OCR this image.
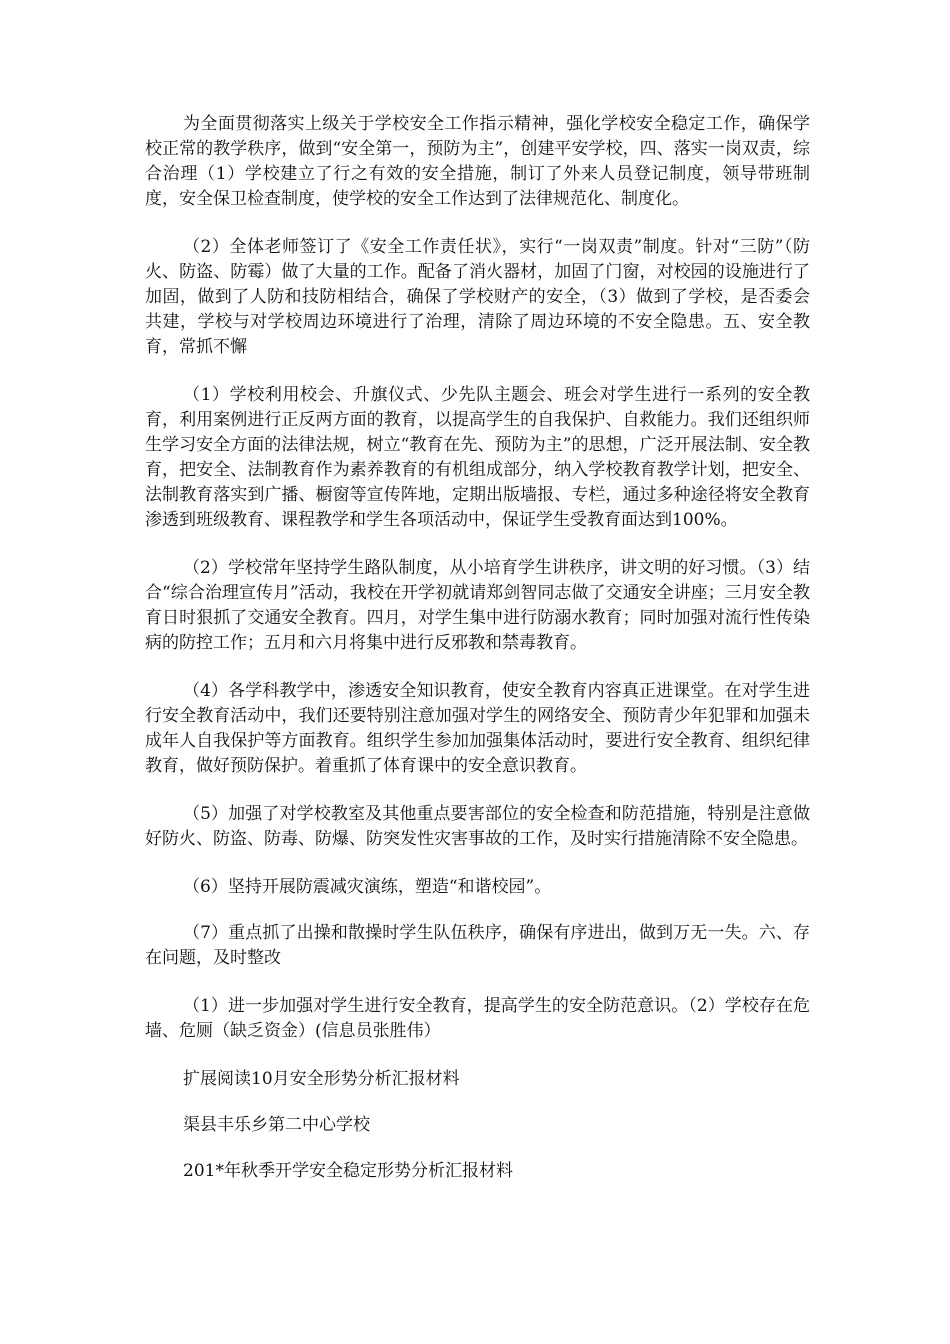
为全面贯彻落实上级关于学校安全工作指示精神，强化学校安全稳定工作，确保学校正常的教学秩序，做到“安全第一，预防为主”，创建平安学校，四、落实一岗双责，综合治理（1）学校建立了行之有效的安全措施，制订了外来人员登记制度，领导带班制度，安全保卫检查制度，使学校的安全工作达到了法律规范化、制度化。

（2）全体老师签订了《安全工作责任状》，实行“一岗双责”制度。针对“三防”（防火、防盗、防霉）做了大量的工作。配备了消火器材，加固了门窗，对校园的设施进行了加固，做到了人防和技防相结合，确保了学校财产的安全，（3）做到了学校，是否委会共建，学校与对学校周边环境进行了治理，清除了周边环境的不安全隐患。五、安全教育，常抓不懈

（1）学校利用校会、升旗仪式、少先队主题会、班会对学生进行一系列的安全教育，利用案例进行正反两方面的教育，以提高学生的自我保护、自救能力。我们还组织师生学习安全方面的法律法规，树立“教育在先、预防为主”的思想，广泛开展法制、安全教育，把安全、法制教育作为素养教育的有机组成部分，纳入学校教育教学计划，把安全、法制教育落实到广播、橱窗等宣传阵地，定期出版墙报、专栏，通过多种途径将安全教育渗透到班级教育、课程教学和学生各项活动中，保证学生受教育面达到100%。

（2）学校常年坚持学生路队制度，从小培育学生讲秩序，讲文明的好习惯。（3）结合“综合治理宣传月”活动，我校在开学初就请郑剑智同志做了交通安全讲座；三月安全教育日时狠抓了交通安全教育。四月，对学生集中进行防溺水教育；同时加强对流行性传染病的防控工作；五月和六月将集中进行反邪教和禁毒教育。

（4）各学科教学中，渗透安全知识教育，使安全教育内容真正进课堂。在对学生进行安全教育活动中，我们还要特别注意加强对学生的网络安全、预防青少年犯罪和加强未成年人自我保护等方面教育。组织学生参加加强集体活动时，要进行安全教育、组织纪律教育，做好预防保护。着重抓了体育课中的安全意识教育。

（5）加强了对学校教室及其他重点要害部位的安全检查和防范措施，特别是注意做好防火、防盗、防毒、防爆、防突发性灾害事故的工作，及时实行措施清除不安全隐患。

（6）坚持开展防震减灾演练，塑造“和谐校园”。

（7）重点抓了出操和散操时学生队伍秩序，确保有序进出，做到万无一失。六、存在问题，及时整改

（1）进一步加强对学生进行安全教育，提高学生的安全防范意识。（2）学校存在危墙、危厕（缺乏资金）(信息员张胜伟）

扩展阅读10月安全形势分析汇报材料

渠县丰乐乡第二中心学校

201*年秋季开学安全稳定形势分析汇报材料
